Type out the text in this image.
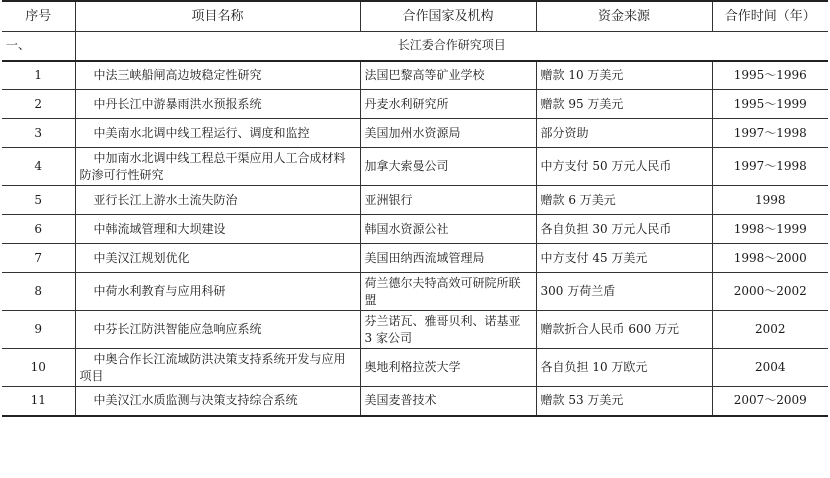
序号	项目名称	合作国家及机构	资金来源	合作时间（年）
一、	长江委合作研究项目			
1	中法三峡船闸高边坡稳定性研究	法国巴黎高等矿业学校	赠款 10 万美元	1995～1996
2	中丹长江中游暴雨洪水预报系统	丹麦水利研究所	赠款 95 万美元	1995～1999
3	中美南水北调中线工程运行、调度和监控	美国加州水资源局	部分资助	1997～1998
4	中加南水北调中线工程总干渠应用人工合成材料防渗可行性研究	加拿大索曼公司	中方支付 50 万元人民币	1997～1998
5	亚行长江上游水土流失防治	亚洲银行	赠款 6 万美元	1998
6	中韩流域管理和大坝建设	韩国水资源公社	各自负担 30 万元人民币	1998～1999
7	中美汉江规划优化	美国田纳西流域管理局	中方支付 45 万美元	1998～2000
8	中荷水利教育与应用科研	荷兰德尔夫特高效可研院所联盟	300 万荷兰盾	2000～2002
9	中芬长江防洪智能应急响应系统	芬兰诺瓦、雅哥贝利、诺基亚 3 家公司	赠款折合人民币 600 万元	2002
10	中奥合作长江流域防洪决策支持系统开发与应用项目	奥地利格拉茨大学	各自负担 10 万欧元	2004
11	中美汉江水质监测与决策支持综合系统	美国麦普技术	赠款 53 万美元	2007～2009
